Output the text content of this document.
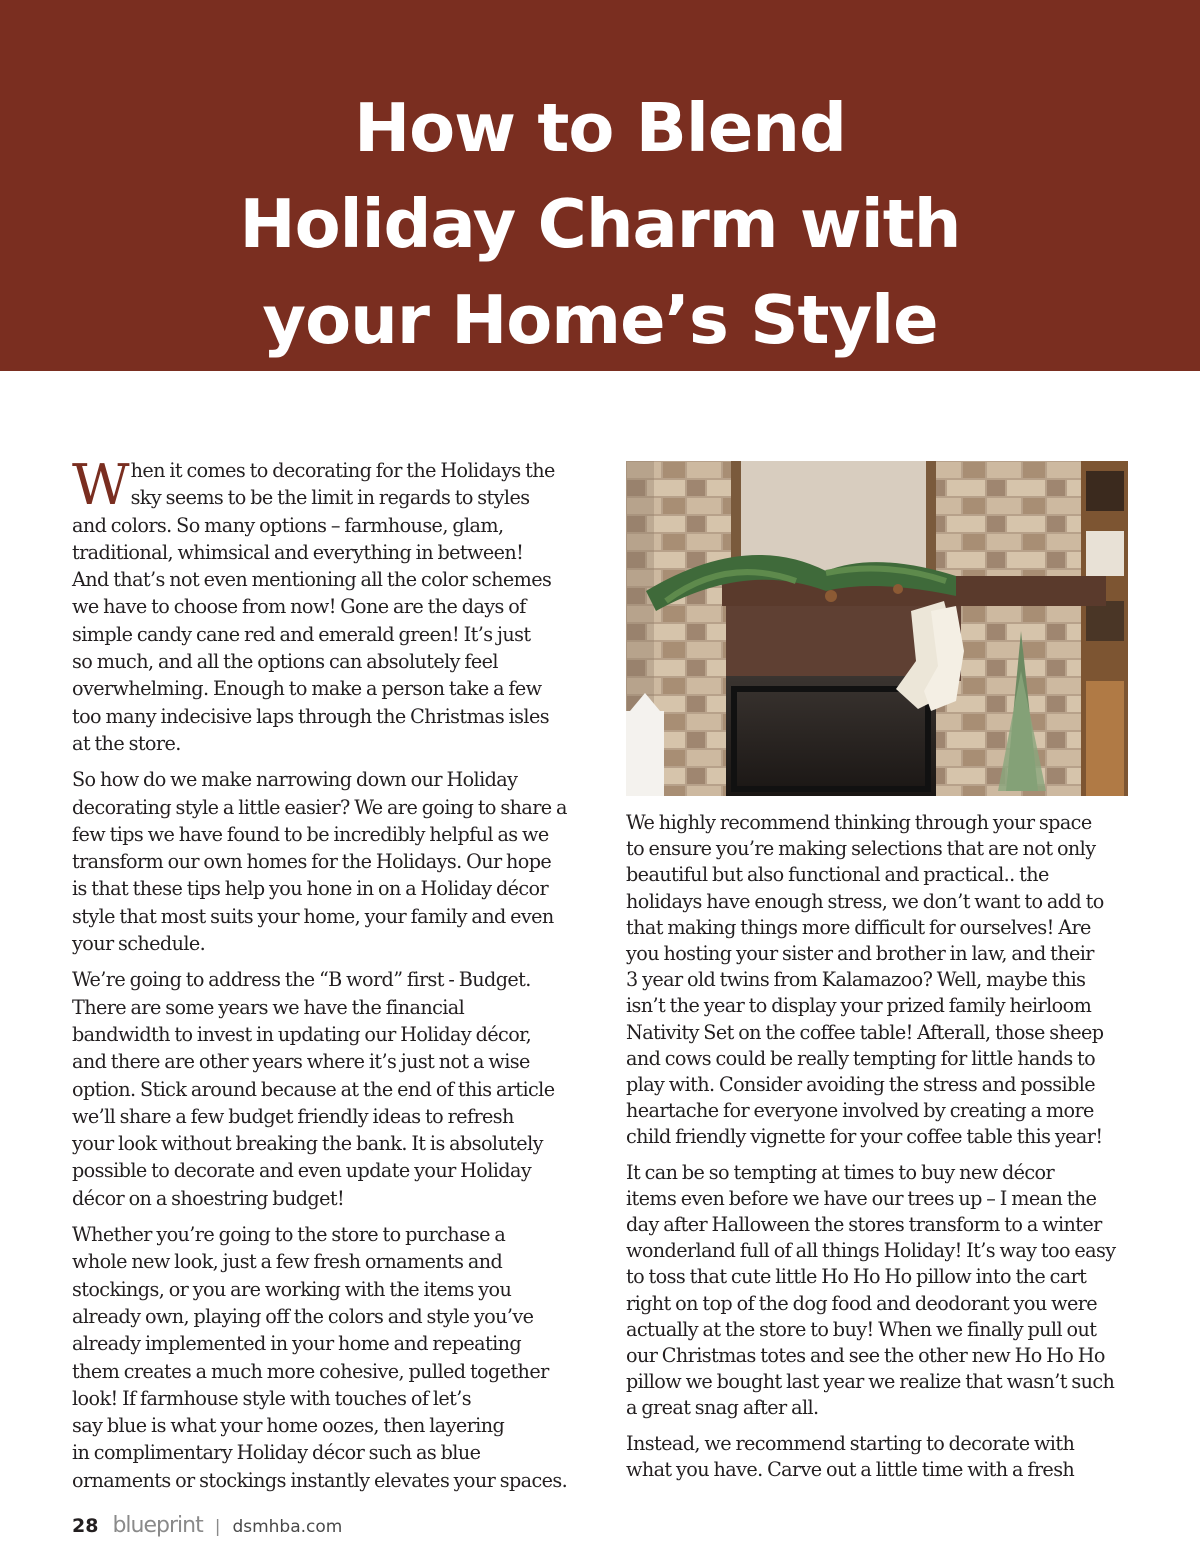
How to Blend
Holiday Charm with
your Home’s Style

W hen it comes to decorating for the Holidays the
sky seems to be the limit in regards to styles
and colors. So many options – farmhouse, glam,
traditional, whimsical and everything in between!
And that’s not even mentioning all the color schemes
we have to choose from now! Gone are the days of
simple candy cane red and emerald green! It’s just
so much, and all the options can absolutely feel
overwhelming. Enough to make a person take a few
too many indecisive laps through the Christmas isles
at the store.

So how do we make narrowing down our Holiday
decorating style a little easier? We are going to share a
few tips we have found to be incredibly helpful as we
transform our own homes for the Holidays. Our hope
is that these tips help you hone in on a Holiday décor
style that most suits your home, your family and even
your schedule.

We’re going to address the “B word” first - Budget.
There are some years we have the financial
bandwidth to invest in updating our Holiday décor,
and there are other years where it’s just not a wise
option. Stick around because at the end of this article
we’ll share a few budget friendly ideas to refresh
your look without breaking the bank. It is absolutely
possible to decorate and even update your Holiday
décor on a shoestring budget!

Whether you’re going to the store to purchase a
whole new look, just a few fresh ornaments and
stockings, or you are working with the items you
already own, playing off the colors and style you’ve
already implemented in your home and repeating
them creates a much more cohesive, pulled together
look! If farmhouse style with touches of let’s
say blue is what your home oozes, then layering
in complimentary Holiday décor such as blue
ornaments or stockings instantly elevates your spaces.

We highly recommend thinking through your space
to ensure you’re making selections that are not only
beautiful but also functional and practical.. the
holidays have enough stress, we don’t want to add to
that making things more difficult for ourselves! Are
you hosting your sister and brother in law, and their
3 year old twins from Kalamazoo? Well, maybe this
isn’t the year to display your prized family heirloom
Nativity Set on the coffee table! Afterall, those sheep
and cows could be really tempting for little hands to
play with. Consider avoiding the stress and possible
heartache for everyone involved by creating a more
child friendly vignette for your coffee table this year!

It can be so tempting at times to buy new décor
items even before we have our trees up – I mean the
day after Halloween the stores transform to a winter
wonderland full of all things Holiday! It’s way too easy
to toss that cute little Ho Ho Ho pillow into the cart
right on top of the dog food and deodorant you were
actually at the store to buy! When we finally pull out
our Christmas totes and see the other new Ho Ho Ho
pillow we bought last year we realize that wasn’t such
a great snag after all.

Instead, we recommend starting to decorate with
what you have. Carve out a little time with a fresh

28 blueprint | dsmhba.com
